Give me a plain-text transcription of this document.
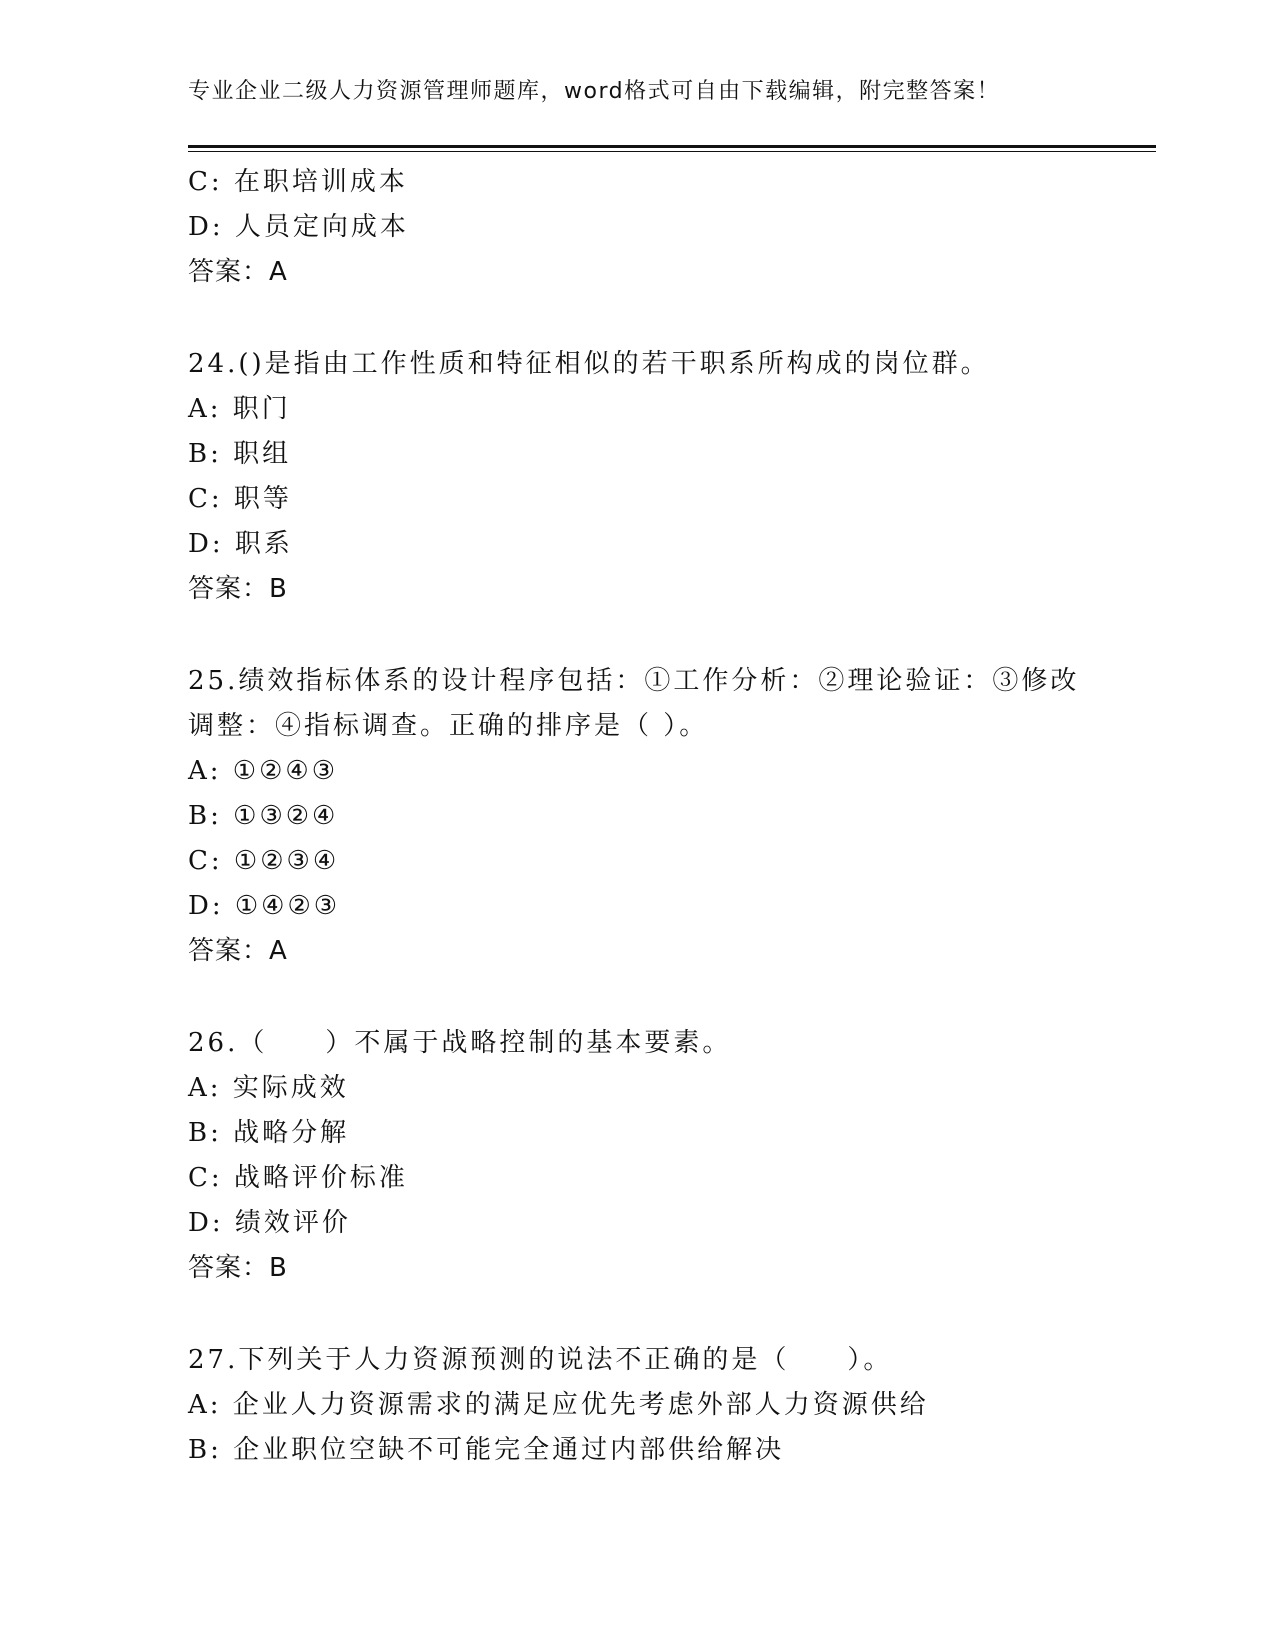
专业企业二级人力资源管理师题库，word格式可自由下载编辑，附完整答案！
C: 在职培训成本
D: 人员定向成本
答案：A
24.()是指由工作性质和特征相似的若干职系所构成的岗位群。
A: 职门
B: 职组
C: 职等
D: 职系
答案：B
25.绩效指标体系的设计程序包括：①工作分析：②理论验证：③修改
调整：④指标调查。正确的排序是（ ）。
A: ①②④③
B: ①③②④
C: ①②③④
D: ①④②③
答案：A
26.（　　）不属于战略控制的基本要素。
A: 实际成效
B: 战略分解
C: 战略评价标准
D: 绩效评价
答案：B
27.下列关于人力资源预测的说法不正确的是（　　）。
A: 企业人力资源需求的满足应优先考虑外部人力资源供给
B: 企业职位空缺不可能完全通过内部供给解决
